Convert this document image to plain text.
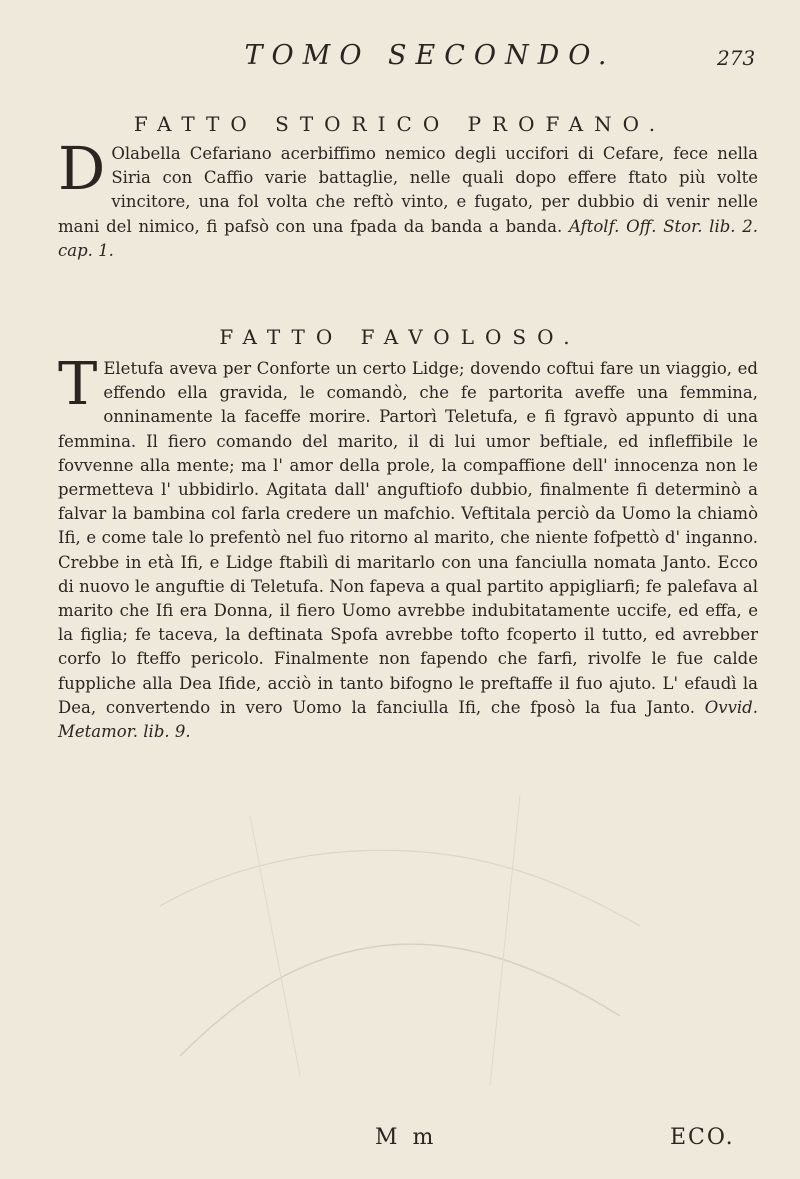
TOMO SECONDO.	273
FATTO STORICO PROFANO.

D Olabella Cefariano acerbiffimo nemico degli uccifori di Cefare, fece nella Siria con Caffio varie battaglie, nelle quali dopo effere ftato più volte vincitore, una fol volta che reftò vinto, e fugato, per dubbio di venir nelle mani del nimico, fi pafsò con una fpada da banda a banda. Aftolf. Off. Stor. lib. 2. cap. 1.

FATTO FAVOLOSO.

T Eletufa aveva per Conforte un certo Lidge; dovendo coftui fare un viaggio, ed effendo ella gravida, le comandò, che fe partorita aveffe una femmina, onninamente la faceffe morire. Partorì Teletufa, e fi fgravò appunto di una femmina. Il fiero comando del marito, il di lui umor beftiale, ed infleffibile le fovvenne alla mente; ma l' amor della prole, la compaffione dell' innocenza non le permetteva l' ubbidirlo. Agitata dall' anguftiofo dubbio, finalmente fi determinò a falvar la bambina col farla credere un mafchio. Veftitala perciò da Uomo la chiamò Ifi, e come tale lo prefentò nel fuo ritorno al marito, che niente fofpettò d' inganno. Crebbe in età Ifi, e Lidge ftabilì di maritarlo con una fanciulla nomata Janto. Ecco di nuovo le anguftie di Teletufa. Non fapeva a qual partito appigliarfi; fe palefava al marito che Ifi era Donna, il fiero Uomo avrebbe indubitatamente uccife, ed effa, e la figlia; fe taceva, la deftinata Spofa avrebbe tofto fcoperto il tutto, ed avrebber corfo lo fteffo pericolo. Finalmente non fapendo che farfi, rivolfe le fue calde fuppliche alla Dea Ifide, acciò in tanto bifogno le preftaffe il fuo ajuto. L' efaudì la Dea, convertendo in vero Uomo la fanciulla Ifi, che fposò la fua Janto. Ovvid. Metamor. lib. 9.

M m	ECO.
